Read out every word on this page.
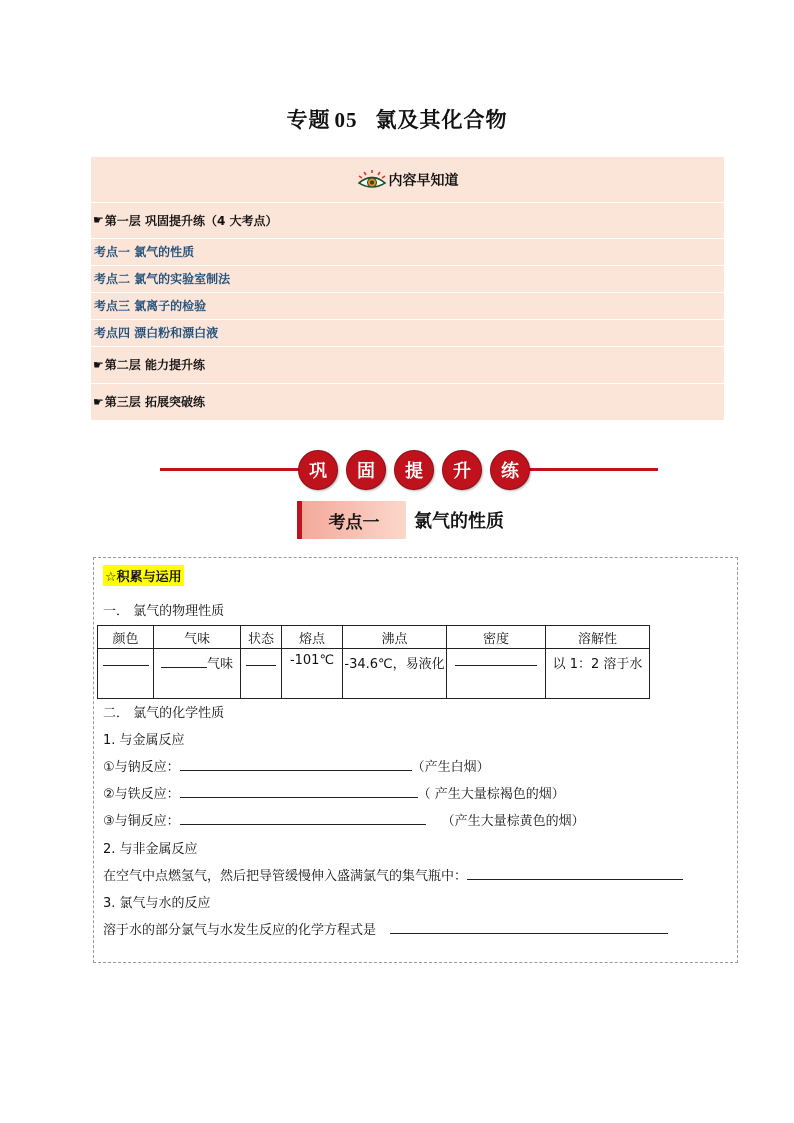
专题 05 氯及其化合物
内容早知道
☛ 第一层 巩固提升练（4 大考点）
考点一 氯气的性质
考点二 氯气的实验室制法
考点三 氯离子的检验
考点四 漂白粉和漂白液
☛ 第二层 能力提升练
☛ 第三层 拓展突破练
巩	固	提	升	练
考点一	氯气的性质
☆积累与运用
一． 氯气的物理性质
颜色	气味	状态	熔点	沸点	密度	溶解性
	气味		-101℃	-34.6℃，易液化		以 1：2 溶于水
二． 氯气的化学性质
1. 与金属反应
①与钠反应：	（产生白烟）
②与铁反应：	（ 产生大量棕褐色的烟）
③与铜反应：	（产生大量棕黄色的烟）
2. 与非金属反应
在空气中点燃氢气，然后把导管缓慢伸入盛满氯气的集气瓶中：
3. 氯气与水的反应
溶于水的部分氯气与水发生反应的化学方程式是
